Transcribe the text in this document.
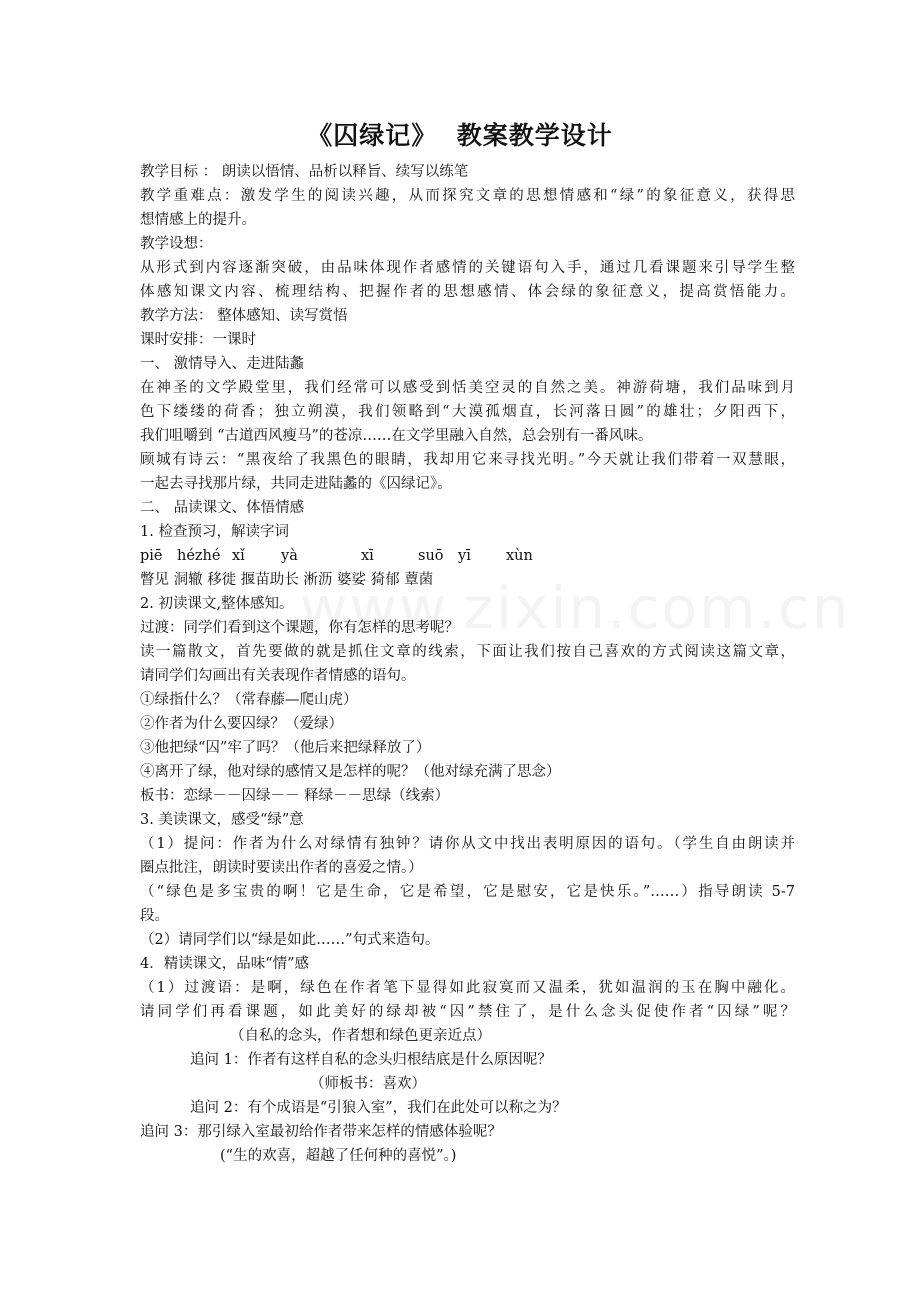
《囚绿记》  教案教学设计
教学目标 ： 朗读以悟情、品析以释旨、续写以练笔
教学重难点：激发学生的阅读兴趣，从而探究文章的思想情感和“绿”的象征意义，获得思
想情感上的提升。
教学设想：
从形式到内容逐渐突破，由品味体现作者感情的关键语句入手，通过几看课题来引导学生整
体感知课文内容、梳理结构、把握作者的思想感情、体会绿的象征意义，提高赏悟能力。
教学方法： 整体感知、读写赏悟
课时安排：一课时
一、 激情导入、走进陆蠡
在神圣的文学殿堂里，我们经常可以感受到恬美空灵的自然之美。神游荷塘，我们品味到月
色下缕缕的荷香；独立朔漠，我们领略到“大漠孤烟直，长河落日圆”的雄壮；夕阳西下，
我们咀嚼到 “古道西风瘦马”的苍凉……在文学里融入自然，总会别有一番风味。
顾城有诗云：“黑夜给了我黑色的眼睛，我却用它来寻找光明。”今天就让我们带着一双慧眼，
一起去寻找那片绿，共同走进陆蠡的《囚绿记》。
二、 品读课文、体悟情感
1. 检查预习，解读字词
瞥见 洞辙 移徙 揠苗助长 淅沥 婆娑 猗郁 蕈菌
2. 初读课文,整体感知。
过渡：同学们看到这个课题，你有怎样的思考呢？
读一篇散文，首先要做的就是抓住文章的线索，下面让我们按自己喜欢的方式阅读这篇文章，
请同学们勾画出有关表现作者情感的语句。
①绿指什么？（常春藤—爬山虎）
②作者为什么要囚绿？（爱绿）
③他把绿“囚”牢了吗？（他后来把绿释放了）
④离开了绿，他对绿的感情又是怎样的呢？（他对绿充满了思念）
板书：恋绿－－囚绿－－ 释绿－－思绿（线索）
3. 美读课文，感受“绿”意
（1）提问：作者为什么对绿情有独钟？请你从文中找出表明原因的语句。（学生自由朗读并
圈点批注，朗读时要读出作者的喜爱之情。）
（“绿色是多宝贵的啊！它是生命，它是希望，它是慰安，它是快乐。”……）指导朗读 5-7
段。
（2）请同学们以“绿是如此……”句式来造句。
4．精读课文，品味“情”感
（1）过渡语：是啊，绿色在作者笔下显得如此寂寞而又温柔，犹如温润的玉在胸中融化。
请同学们再看课题，如此美好的绿却被“囚”禁住了，是什么念头促使作者“囚绿”呢？
（自私的念头，作者想和绿色更亲近点）
追问 1：作者有这样自私的念头归根结底是什么原因呢？
（师板书：喜欢）
追问 2：有个成语是“引狼入室”，我们在此处可以称之为？
追问 3：那引绿入室最初给作者带来怎样的情感体验呢？
(“生的欢喜，超越了任何种的喜悦”。)
piē hézhé xǐ yà	xī	suō yī xùn
